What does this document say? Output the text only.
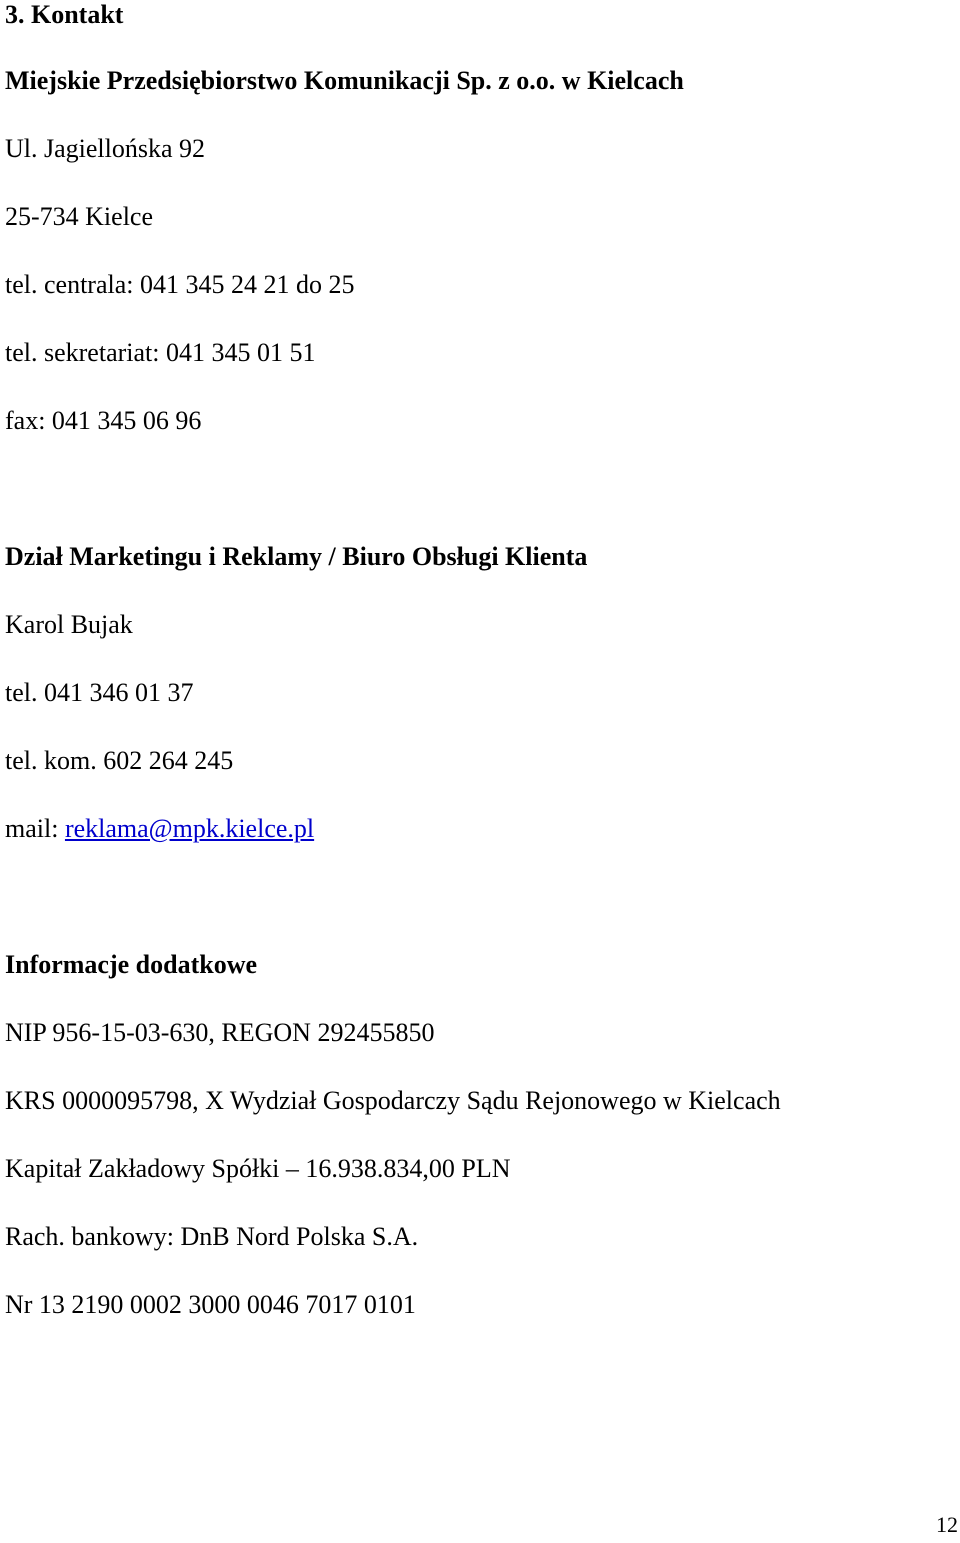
3. Kontakt

Miejskie Przedsiębiorstwo Komunikacji Sp. z o.o. w Kielcach

Ul. Jagiellońska 92

25-734 Kielce

tel. centrala: 041 345 24 21 do 25

tel. sekretariat: 041 345 01 51

fax: 041 345 06 96

Dział Marketingu i Reklamy / Biuro Obsługi Klienta

Karol Bujak

tel. 041 346 01 37

tel. kom. 602 264 245

mail: reklama@mpk.kielce.pl

Informacje dodatkowe

NIP 956-15-03-630, REGON 292455850

KRS 0000095798, X Wydział Gospodarczy Sądu Rejonowego w Kielcach

Kapitał Zakładowy Spółki – 16.938.834,00 PLN

Rach. bankowy: DnB Nord Polska S.A.

Nr 13 2190 0002 3000 0046 7017 0101

12
